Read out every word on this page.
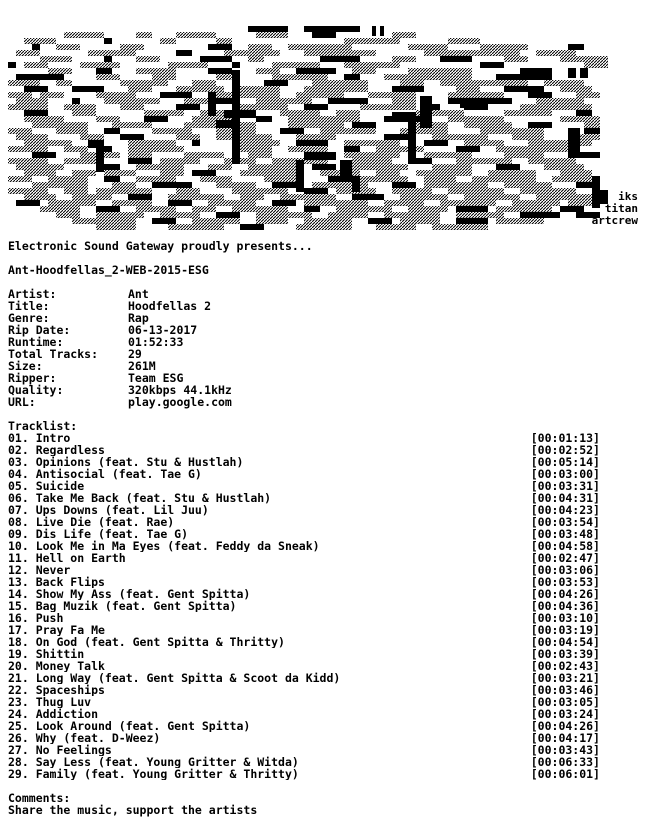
iks
titan
artcrew
Electronic Sound Gateway proudly presents...
Ant-Hoodfellas_2-WEB-2015-ESG
Artist:	Ant
Title:	Hoodfellas 2
Genre:	Rap
Rip Date:	06-13-2017
Runtime:	01:52:33
Total Tracks:	29
Size:	261M
Ripper:	Team ESG
Quality:	320kbps 44.1kHz
URL:	play.google.com
Tracklist:
01. Intro	[00:01:13]
02. Regardless	[00:02:52]
03. Opinions (feat. Stu & Hustlah)	[00:05:14]
04. Antisocial (feat. Tae G)	[00:03:00]
05. Suicide	[00:03:31]
06. Take Me Back (feat. Stu & Hustlah)	[00:04:31]
07. Ups Downs (feat. Lil Juu)	[00:04:23]
08. Live Die (feat. Rae)	[00:03:54]
09. Dis Life (feat. Tae G)	[00:03:48]
10. Look Me in Ma Eyes (feat. Feddy da Sneak)	[00:04:58]
11. Hell on Earth	[00:02:47]
12. Never	[00:03:06]
13. Back Flips	[00:03:53]
14. Show My Ass (feat. Gent Spitta)	[00:04:26]
15. Bag Muzik (feat. Gent Spitta)	[00:04:36]
16. Push	[00:03:10]
17. Pray Fa Me	[00:03:19]
18. On God (feat. Gent Spitta & Thritty)	[00:04:54]
19. Shittin	[00:03:39]
20. Money Talk	[00:02:43]
21. Long Way (feat. Gent Spitta & Scoot da Kidd)	[00:03:21]
22. Spaceships	[00:03:46]
23. Thug Luv	[00:03:05]
24. Addiction	[00:03:24]
25. Look Around (feat. Gent Spitta)	[00:04:26]
26. Why (feat. D-Weez)	[00:04:17]
27. No Feelings	[00:03:43]
28. Say Less (feat. Young Gritter & Witda)	[00:06:33]
29. Family (feat. Young Gritter & Thritty)	[00:06:01]
Comments:
Share the music, support the artists
